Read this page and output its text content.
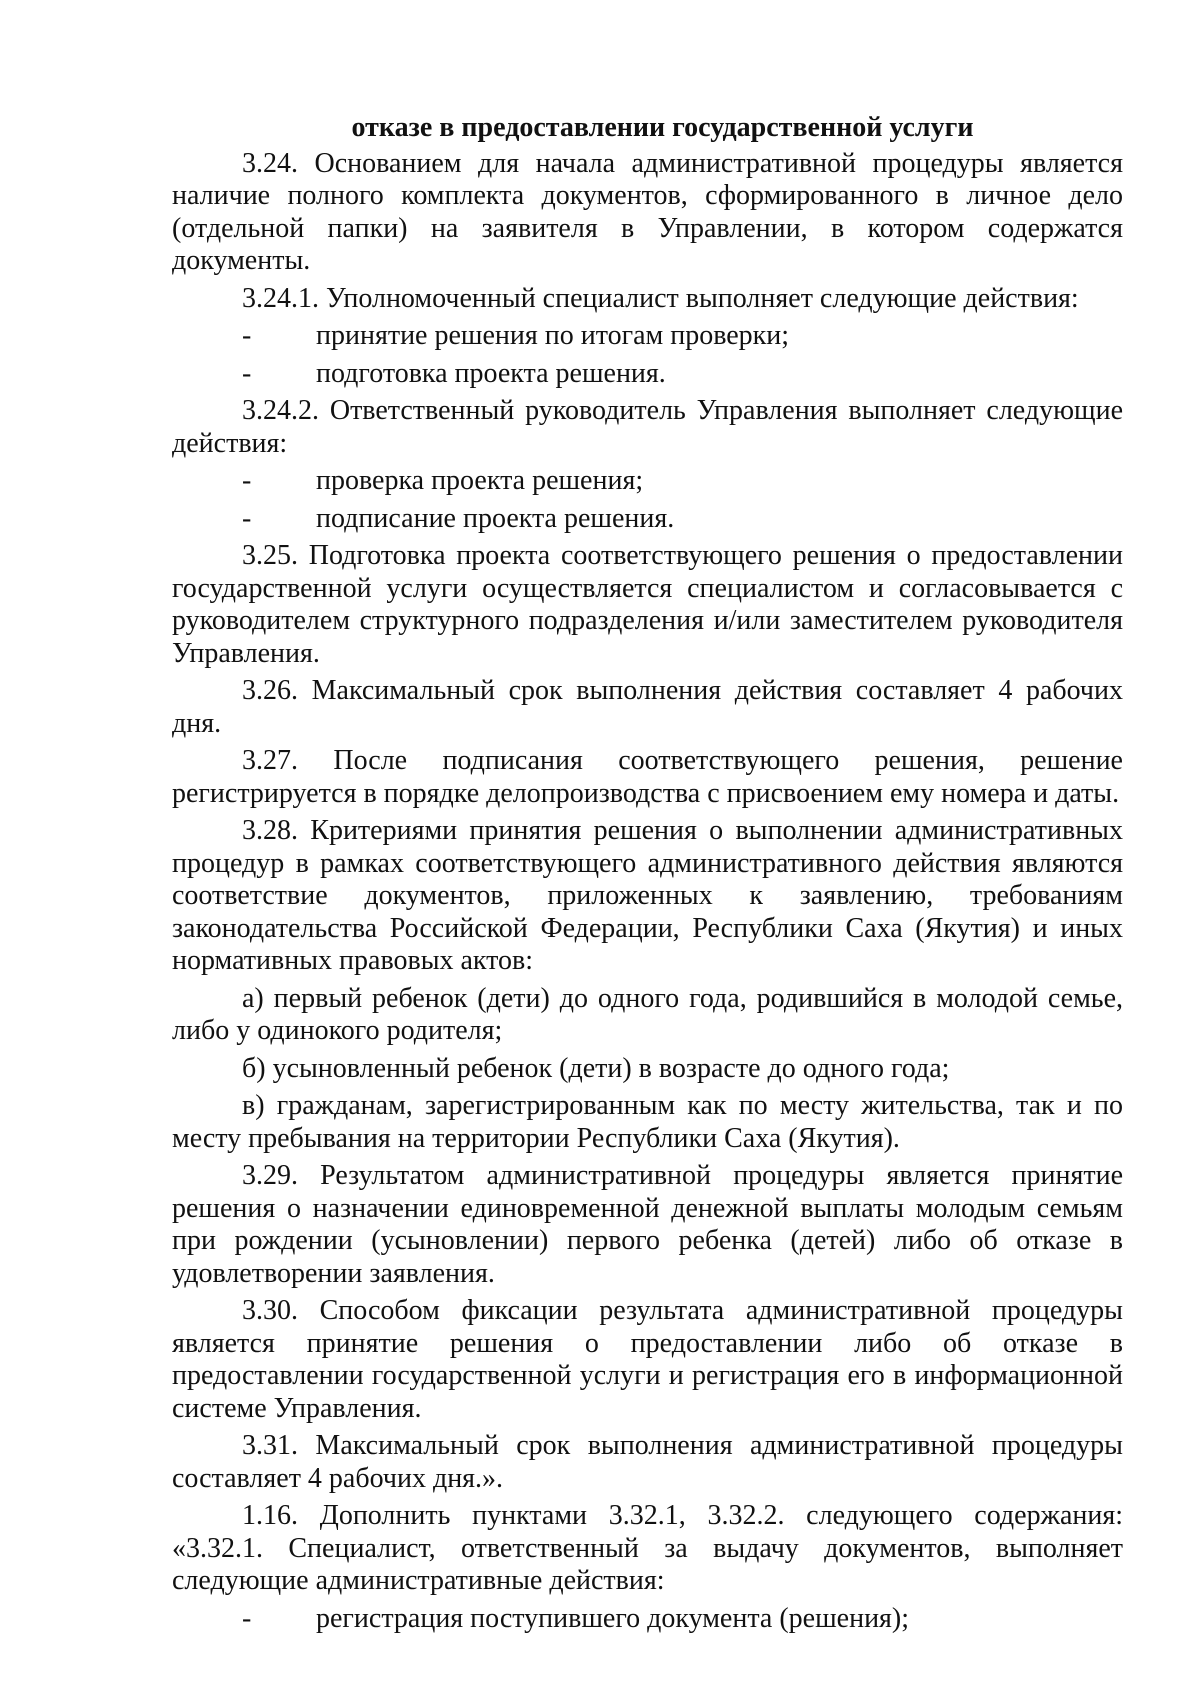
отказе в предоставлении государственной услуги

3.24. Основанием для начала административной процедуры является наличие полного комплекта документов, сформированного в личное дело (отдельной папки) на заявителя в Управлении, в котором содержатся документы.

3.24.1. Уполномоченный специалист выполняет следующие действия:

-	принятие решения по итогам проверки;

-	подготовка проекта решения.

3.24.2. Ответственный руководитель Управления выполняет следующие действия:

-	проверка проекта решения;

-	подписание проекта решения.

3.25. Подготовка проекта соответствующего решения о предоставлении государственной услуги осуществляется специалистом и согласовывается с руководителем структурного подразделения и/или заместителем руководителя Управления.

3.26. Максимальный срок выполнения действия составляет 4 рабочих дня.

3.27. После подписания соответствующего решения, решение регистрируется в порядке делопроизводства с присвоением ему номера и даты.

3.28. Критериями принятия решения о выполнении административных процедур в рамках соответствующего административного действия являются соответствие документов, приложенных к заявлению, требованиям законодательства Российской Федерации, Республики Саха (Якутия) и иных нормативных правовых актов:

а) первый ребенок (дети) до одного года, родившийся в молодой семье, либо у одинокого родителя;

б) усыновленный ребенок (дети) в возрасте до одного года;

в) гражданам, зарегистрированным как по месту жительства, так и по месту пребывания на территории Республики Саха (Якутия).

3.29. Результатом административной процедуры является принятие решения о назначении единовременной денежной выплаты молодым семьям при рождении (усыновлении) первого ребенка (детей) либо об отказе в удовлетворении заявления.

3.30. Способом фиксации результата административной процедуры является принятие решения о предоставлении либо об отказе в предоставлении государственной услуги и регистрация его в информационной системе Управления.

3.31. Максимальный срок выполнения административной процедуры составляет 4 рабочих дня.».

1.16. Дополнить пунктами 3.32.1, 3.32.2. следующего содержания: «3.32.1. Специалист, ответственный за выдачу документов, выполняет следующие административные действия:

-	регистрация поступившего документа (решения);
